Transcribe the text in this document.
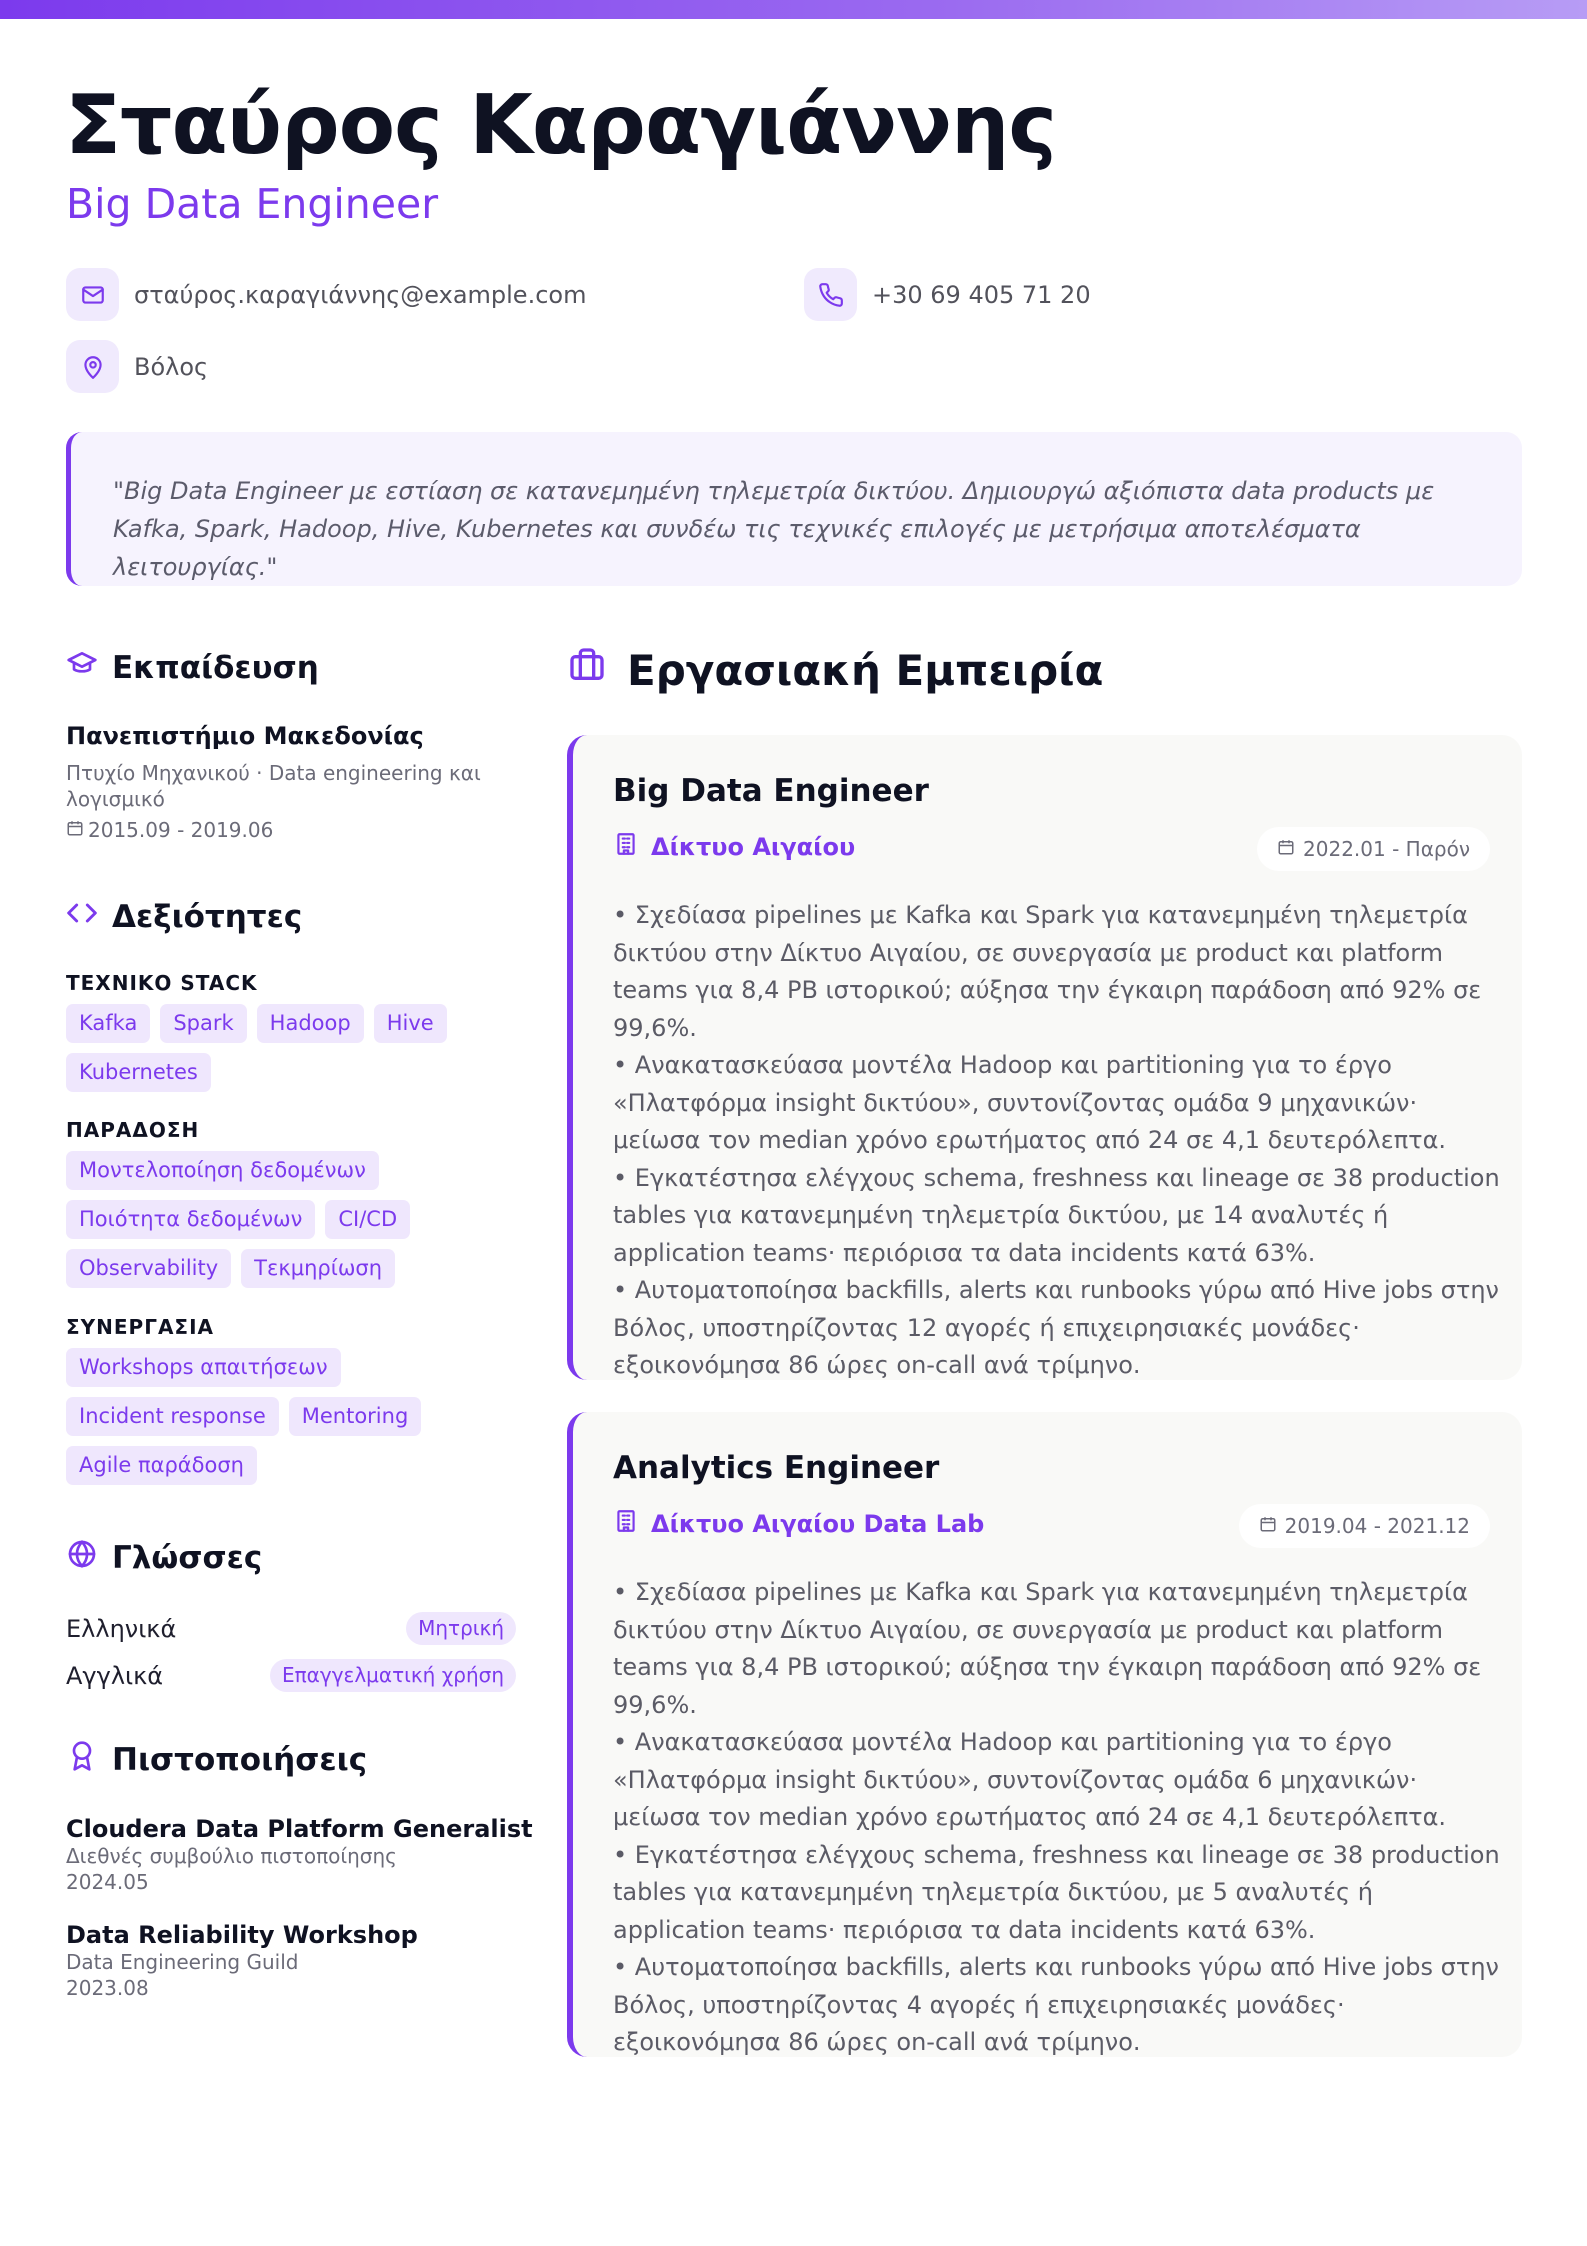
Σταύρος Καραγιάννης
Big Data Engineer
σταύρος.καραγιάννης@example.com	+30 69 405 71 20
Βόλος
"Big Data Engineer με εστίαση σε κατανεμημένη τηλεμετρία δικτύου. Δημιουργώ αξιόπιστα data products με Kafka, Spark, Hadoop, Hive, Kubernetes και συνδέω τις τεχνικές επιλογές με μετρήσιμα αποτελέσματα λειτουργίας."
Εκπαίδευση
Πανεπιστήμιο Μακεδονίας
Πτυχίο Μηχανικού · Data engineering και λογισμικό
2015.09 - 2019.06
Δεξιότητες
ΤΕΧΝΙΚΟ STACK
Kafka	Spark	Hadoop	Hive
Kubernetes
ΠΑΡΑΔΟΣΗ
Μοντελοποίηση δεδομένων
Ποιότητα δεδομένων	CI/CD
Observability	Τεκμηρίωση
ΣΥΝΕΡΓΑΣΙΑ
Workshops απαιτήσεων
Incident response	Mentoring
Agile παράδοση
Γλώσσες
Ελληνικά	Μητρική
Αγγλικά	Επαγγελματική χρήση
Πιστοποιήσεις
Cloudera Data Platform Generalist
Διεθνές συμβούλιο πιστοποίησης
2024.05
Data Reliability Workshop
Data Engineering Guild
2023.08
Εργασιακή Εμπειρία
Big Data Engineer
Δίκτυο Αιγαίου	2022.01 - Παρόν
• Σχεδίασα pipelines με Kafka και Spark για κατανεμημένη τηλεμετρία δικτύου στην Δίκτυο Αιγαίου, σε συνεργασία με product και platform teams για 8,4 PB ιστορικού; αύξησα την έγκαιρη παράδοση από 92% σε 99,6%.
• Ανακατασκεύασα μοντέλα Hadoop και partitioning για το έργο «Πλατφόρμα insight δικτύου», συντονίζοντας ομάδα 9 μηχανικών· μείωσα τον median χρόνο ερωτήματος από 24 σε 4,1 δευτερόλεπτα.
• Εγκατέστησα ελέγχους schema, freshness και lineage σε 38 production tables για κατανεμημένη τηλεμετρία δικτύου, με 14 αναλυτές ή application teams· περιόρισα τα data incidents κατά 63%.
• Αυτοματοποίησα backfills, alerts και runbooks γύρω από Hive jobs στην Βόλος, υποστηρίζοντας 12 αγορές ή επιχειρησιακές μονάδες· εξοικονόμησα 86 ώρες on-call ανά τρίμηνο.
Analytics Engineer
Δίκτυο Αιγαίου Data Lab	2019.04 - 2021.12
• Σχεδίασα pipelines με Kafka και Spark για κατανεμημένη τηλεμετρία δικτύου στην Δίκτυο Αιγαίου, σε συνεργασία με product και platform teams για 8,4 PB ιστορικού; αύξησα την έγκαιρη παράδοση από 92% σε 99,6%.
• Ανακατασκεύασα μοντέλα Hadoop και partitioning για το έργο «Πλατφόρμα insight δικτύου», συντονίζοντας ομάδα 6 μηχανικών· μείωσα τον median χρόνο ερωτήματος από 24 σε 4,1 δευτερόλεπτα.
• Εγκατέστησα ελέγχους schema, freshness και lineage σε 38 production tables για κατανεμημένη τηλεμετρία δικτύου, με 5 αναλυτές ή application teams· περιόρισα τα data incidents κατά 63%.
• Αυτοματοποίησα backfills, alerts και runbooks γύρω από Hive jobs στην Βόλος, υποστηρίζοντας 4 αγορές ή επιχειρησιακές μονάδες· εξοικονόμησα 86 ώρες on-call ανά τρίμηνο.
